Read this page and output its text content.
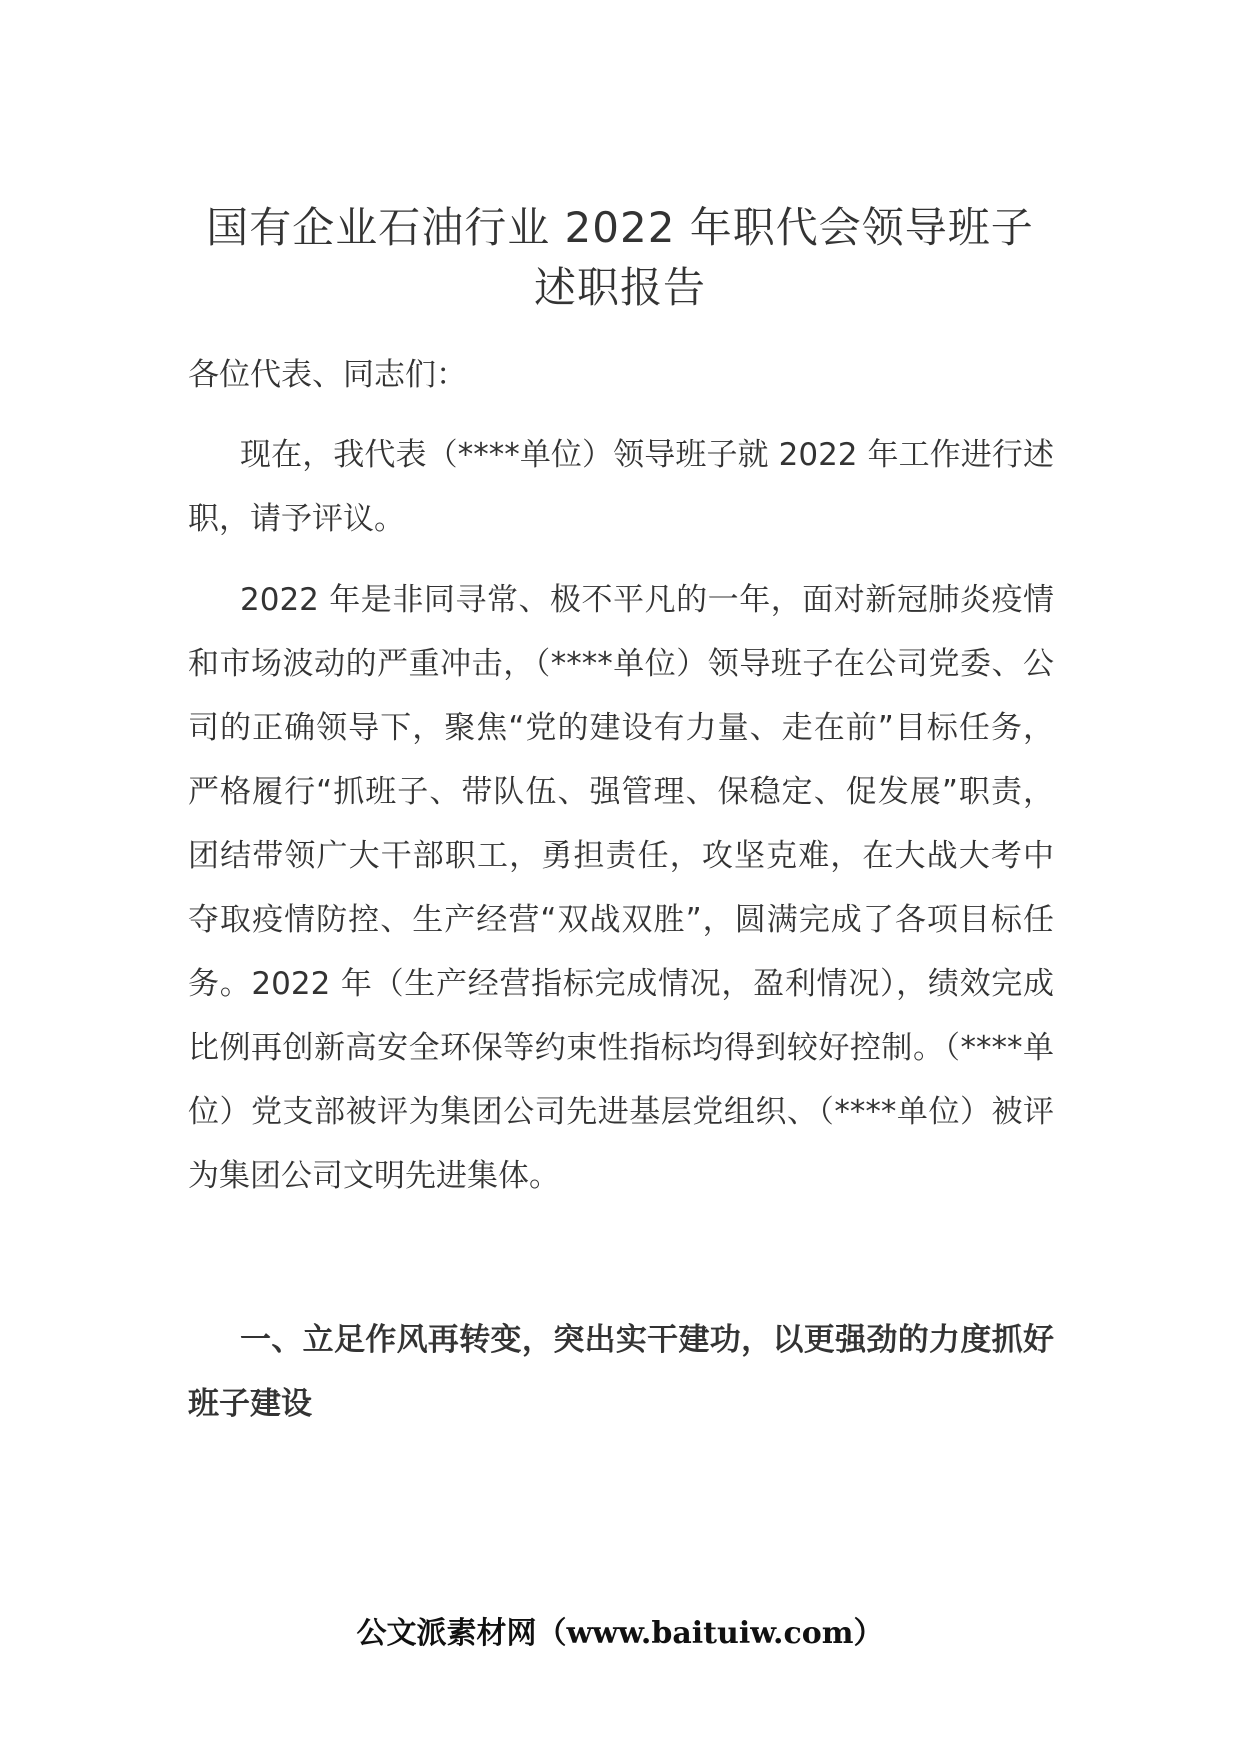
国有企业石油行业 2022 年职代会领导班子
述职报告

各位代表、同志们：

现在，我代表（****单位）领导班子就 2022 年工作进行述职，请予评议。

2022 年是非同寻常、极不平凡的一年，面对新冠肺炎疫情和市场波动的严重冲击，（****单位）领导班子在公司党委、公司的正确领导下，聚焦“党的建设有力量、走在前”目标任务，严格履行“抓班子、带队伍、强管理、保稳定、促发展”职责，团结带领广大干部职工，勇担责任，攻坚克难，在大战大考中夺取疫情防控、生产经营“双战双胜”，圆满完成了各项目标任务。2022 年（生产经营指标完成情况，盈利情况），绩效完成比例再创新高安全环保等约束性指标均得到较好控制。（****单位）党支部被评为集团公司先进基层党组织、（****单位）被评为集团公司文明先进集体。

一、立足作风再转变，突出实干建功，以更强劲的力度抓好班子建设

公文派素材网（www.baituiw.com）
